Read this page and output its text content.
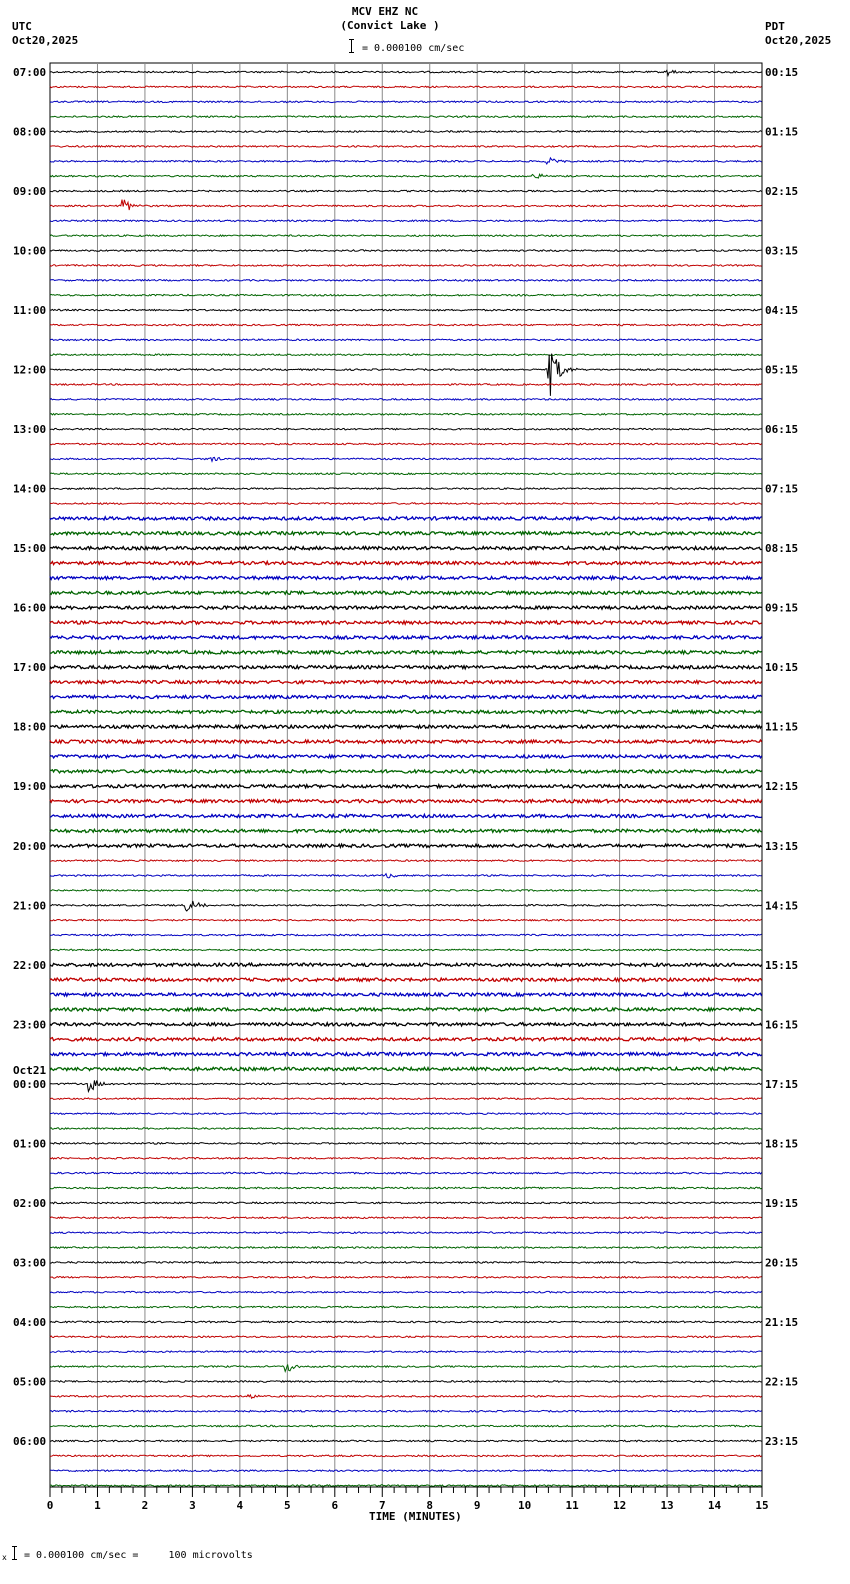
MCV EHZ NC
(Convict Lake )
= 0.000100 cm/sec
UTC
Oct20,2025
PDT
Oct20,2025
0	1	2	3	4	5	6	7	8	9	10	11	12	13	14	15
07:00	00:15
08:00	01:15
09:00	02:15
10:00	03:15
11:00	04:15
12:00	05:15
13:00	06:15
14:00	07:15
15:00	08:15
16:00	09:15
17:00	10:15
18:00	11:15
19:00	12:15
20:00	13:15
21:00	14:15
22:00	15:15
23:00	16:15
00:00	17:15
Oct21
01:00	18:15
02:00	19:15
03:00	20:15
04:00	21:15
05:00	22:15
06:00	23:15
TIME (MINUTES)
x = 0.000100 cm/sec =     100 microvolts
